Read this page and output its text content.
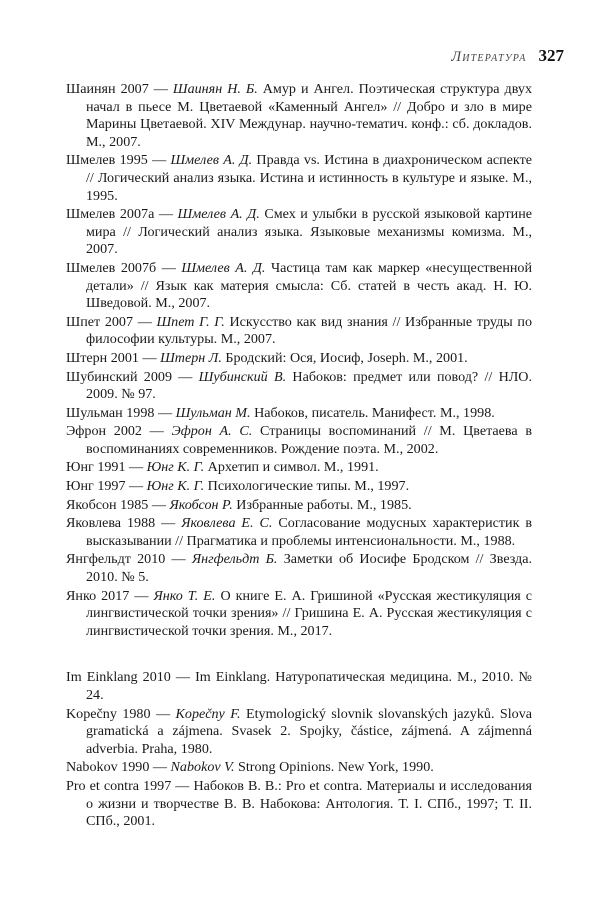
Литература 327

Шаинян 2007 — Шаинян Н. Б. Амур и Ангел. Поэтическая структура двух начал в пьесе М. Цветаевой «Каменный Ангел» // Добро и зло в мире Марины Цветаевой. XIV Междунар. научно-тематич. конф.: сб. докладов. М., 2007.

Шмелев 1995 — Шмелев А. Д. Правда vs. Истина в диахроническом аспекте // Логический анализ языка. Истина и истинность в культуре и языке. М., 1995.

Шмелев 2007а — Шмелев А. Д. Смех и улыбки в русской языковой картине мира // Логический анализ языка. Языковые механизмы комизма. М., 2007.

Шмелев 2007б — Шмелев А. Д. Частица там как маркер «несущественной детали» // Язык как материя смысла: Сб. статей в честь акад. Н. Ю. Шведовой. М., 2007.

Шпет 2007 — Шпет Г. Г. Искусство как вид знания // Избранные труды по философии культуры. М., 2007.

Штерн 2001 — Штерн Л. Бродский: Ося, Иосиф, Joseph. М., 2001.

Шубинский 2009 — Шубинский В. Набоков: предмет или повод? // НЛО. 2009. № 97.

Шульман 1998 — Шульман М. Набоков, писатель. Манифест. М., 1998.

Эфрон 2002 — Эфрон А. С. Страницы воспоминаний // М. Цветаева в воспоминаниях современников. Рождение поэта. М., 2002.

Юнг 1991 — Юнг К. Г. Архетип и символ. М., 1991.

Юнг 1997 — Юнг К. Г. Психологические типы. М., 1997.

Якобсон 1985 — Якобсон Р. Избранные работы. М., 1985.

Яковлева 1988 — Яковлева Е. С. Согласование модусных характеристик в высказывании // Прагматика и проблемы интенсиональности. М., 1988.

Янгфельдт 2010 — Янгфельдт Б. Заметки об Иосифе Бродском // Звезда. 2010. № 5.

Янко 2017 — Янко Т. Е. О книге Е. А. Гришиной «Русская жестикуляция с лингвистической точки зрения» // Гришина Е. А. Русская жестикуляция с лингвистической точки зрения. М., 2017.

Im Einklang 2010 — Im Einklang. Натуропатическая медицина. М., 2010. № 24.

Kopečny 1980 — Kopečny F. Etymologický slovnik slovanských jazyků. Slova gramatická a zájmena. Svasek 2. Spojky, částice, zájmená. A zájmenná adverbia. Praha, 1980.

Nabokov 1990 — Nabokov V. Strong Opinions. New York, 1990.

Pro et contra 1997 — Набоков В. В.: Pro et contra. Материалы и исследования о жизни и творчестве В. В. Набокова: Антология. Т. I. СПб., 1997; Т. II. СПб., 2001.
